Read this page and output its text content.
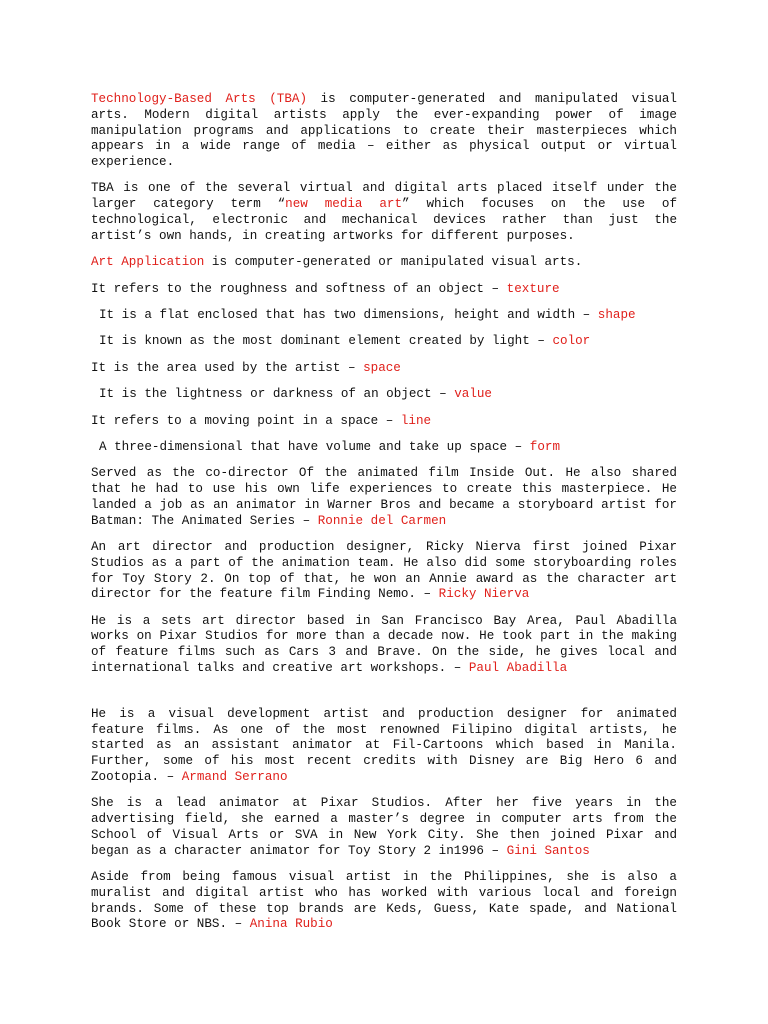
Technology-Based Arts (TBA) is computer-generated and manipulated visual arts. Modern digital artists apply the ever-expanding power of image manipulation programs and applications to create their masterpieces which appears in a wide range of media – either as physical output or virtual experience.

TBA is one of the several virtual and digital arts placed itself under the larger category term “new media art” which focuses on the use of technological, electronic and mechanical devices rather than just the artist’s own hands, in creating artworks for different purposes.

Art Application is computer-generated or manipulated visual arts.

It refers to the roughness and softness of an object – texture

It is a flat enclosed that has two dimensions, height and width – shape

It is known as the most dominant element created by light – color

It is the area used by the artist – space

It is the lightness or darkness of an object – value

It refers to a moving point in a space – line

A three-dimensional that have volume and take up space – form

Served as the co-director Of the animated film Inside Out. He also shared that he had to use his own life experiences to create this masterpiece. He landed a job as an animator in Warner Bros and became a storyboard artist for Batman: The Animated Series – Ronnie del Carmen

An art director and production designer, Ricky Nierva first joined Pixar Studios as a part of the animation team. He also did some storyboarding roles for Toy Story 2. On top of that, he won an Annie award as the character art director for the feature film Finding Nemo. – Ricky Nierva

He is a sets art director based in San Francisco Bay Area, Paul Abadilla works on Pixar Studios for more than a decade now. He took part in the making of feature films such as Cars 3 and Brave. On the side, he gives local and international talks and creative art workshops. – Paul Abadilla

He is a visual development artist and production designer for animated feature films. As one of the most renowned Filipino digital artists, he started as an assistant animator at Fil-Cartoons which based in Manila. Further, some of his most recent credits with Disney are Big Hero 6 and Zootopia. – Armand Serrano

She is a lead animator at Pixar Studios. After her five years in the advertising field, she earned a master’s degree in computer arts from the School of Visual Arts or SVA in New York City. She then joined Pixar and began as a character animator for Toy Story 2 in1996 – Gini Santos

Aside from being famous visual artist in the Philippines, she is also a muralist and digital artist who has worked with various local and foreign brands. Some of these top brands are Keds, Guess, Kate spade, and National Book Store or NBS. – Anina Rubio
